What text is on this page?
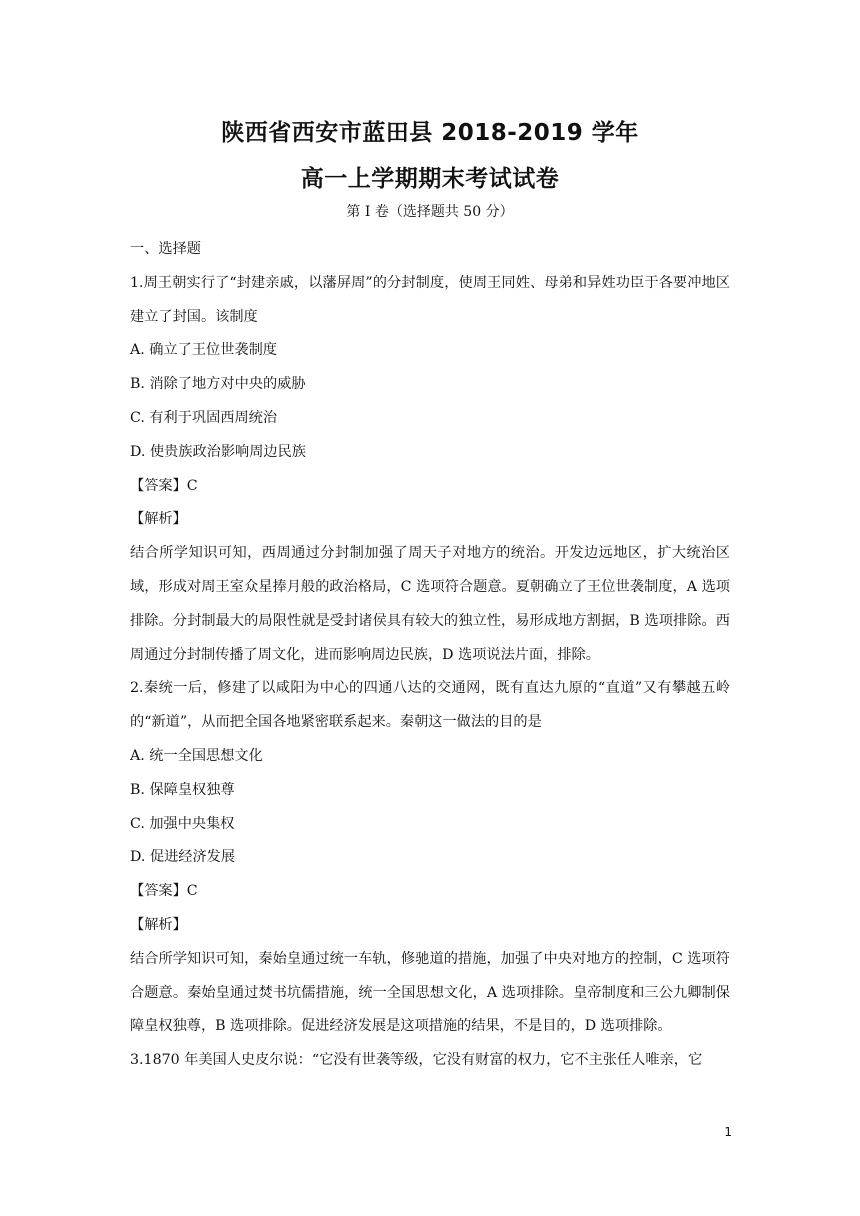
陕西省西安市蓝田县 2018-2019 学年
高一上学期期末考试试卷
第 I 卷（选择题共 50 分）

一、选择题

1.周王朝实行了“封建亲戚，以藩屏周”的分封制度，使周王同姓、母弟和异姓功臣于各要冲地区建立了封国。该制度

A. 确立了王位世袭制度

B. 消除了地方对中央的威胁

C. 有利于巩固西周统治

D. 使贵族政治影响周边民族

【答案】C

【解析】

结合所学知识可知，西周通过分封制加强了周天子对地方的统治。开发边远地区，扩大统治区域，形成对周王室众星捧月般的政治格局，C 选项符合题意。夏朝确立了王位世袭制度，A 选项排除。分封制最大的局限性就是受封诸侯具有较大的独立性，易形成地方割据，B 选项排除。西周通过分封制传播了周文化，进而影响周边民族，D 选项说法片面，排除。

2.秦统一后，修建了以咸阳为中心的四通八达的交通网，既有直达九原的“直道”又有攀越五岭的“新道”，从而把全国各地紧密联系起来。秦朝这一做法的目的是

A. 统一全国思想文化

B. 保障皇权独尊

C. 加强中央集权

D. 促进经济发展

【答案】C

【解析】

结合所学知识可知，秦始皇通过统一车轨，修驰道的措施，加强了中央对地方的控制，C 选项符合题意。秦始皇通过焚书坑儒措施，统一全国思想文化，A 选项排除。皇帝制度和三公九卿制保障皇权独尊，B 选项排除。促进经济发展是这项措施的结果，不是目的，D 选项排除。

3.1870 年美国人史皮尔说：“它没有世袭等级，它没有财富的权力，它不主张任人唯亲，它

1
